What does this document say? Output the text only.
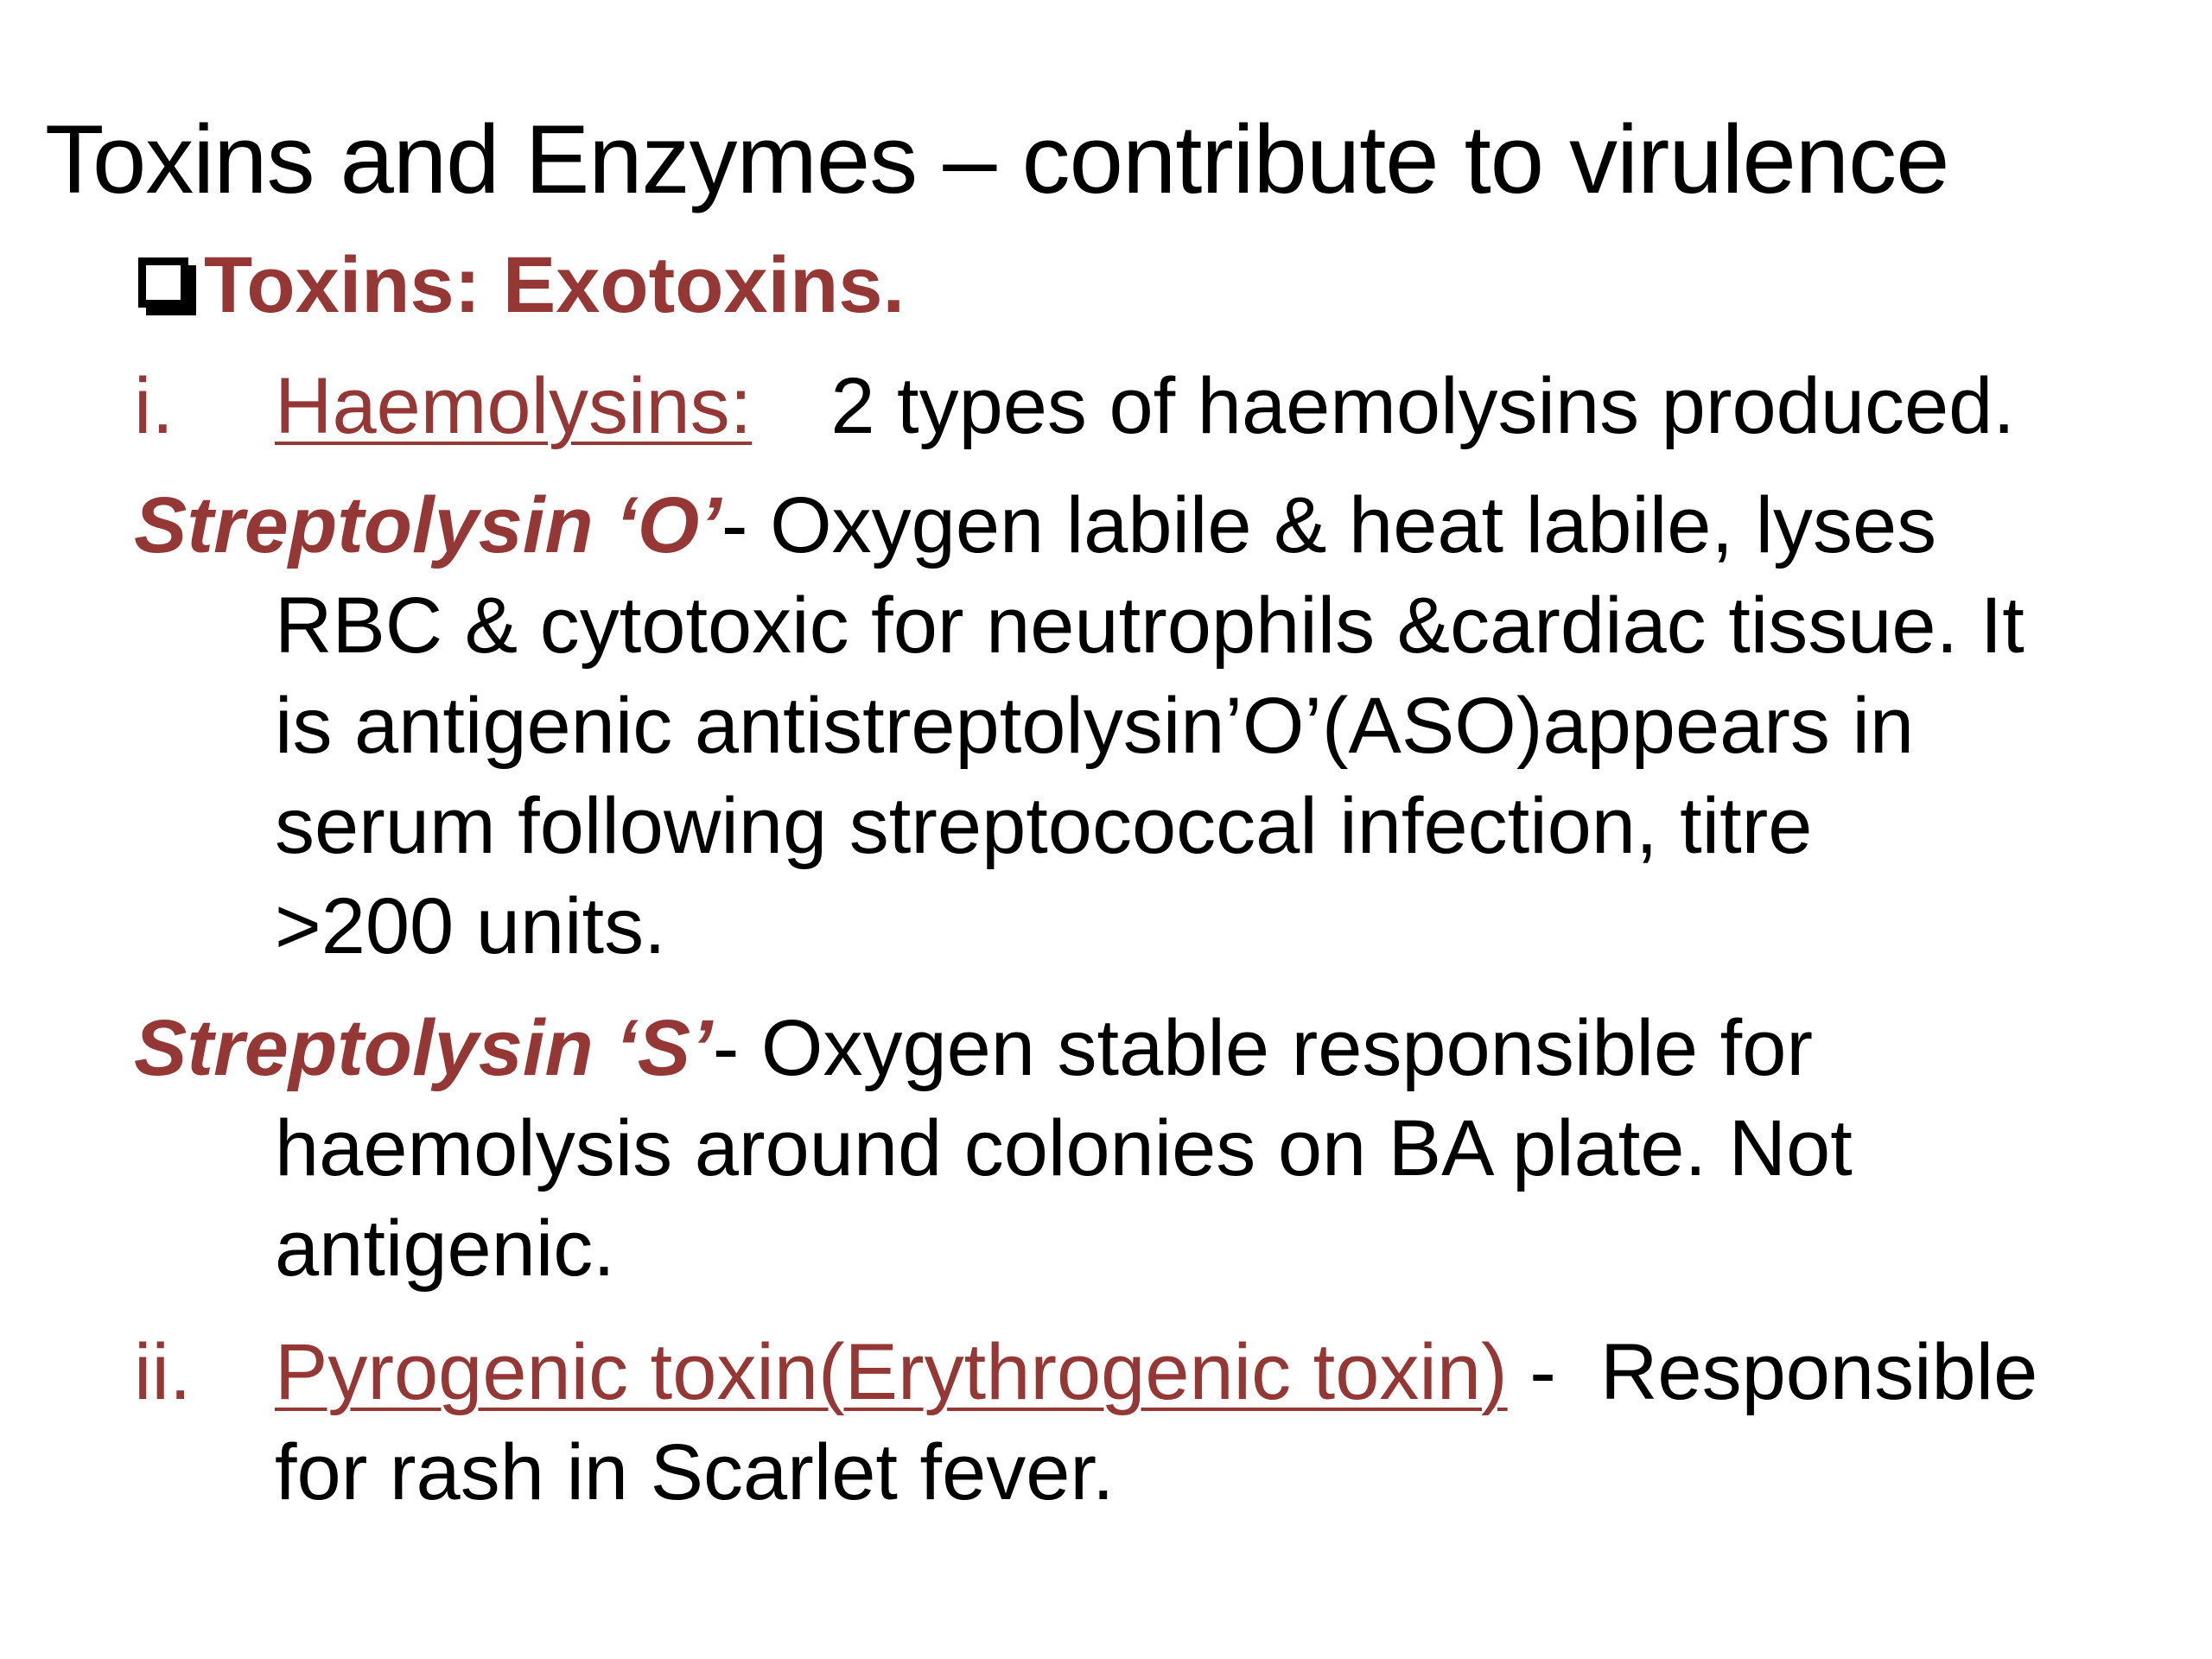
Toxins and Enzymes – contribute to virulence
Toxins: Exotoxins.
i. Haemolysins: 2 types of haemolysins produced.
Streptolysin ‘O’- Oxygen labile & heat labile, lyses
RBC & cytotoxic for neutrophils &cardiac tissue. It
is antigenic antistreptolysin’O’(ASO)appears in
serum following streptococcal infection, titre
>200 units.
Streptolysin ‘S’- Oxygen stable responsible for
haemolysis around colonies on BA plate. Not
antigenic.
ii. Pyrogenic toxin(Erythrogenic toxin) -  Responsible
for rash in Scarlet fever.
